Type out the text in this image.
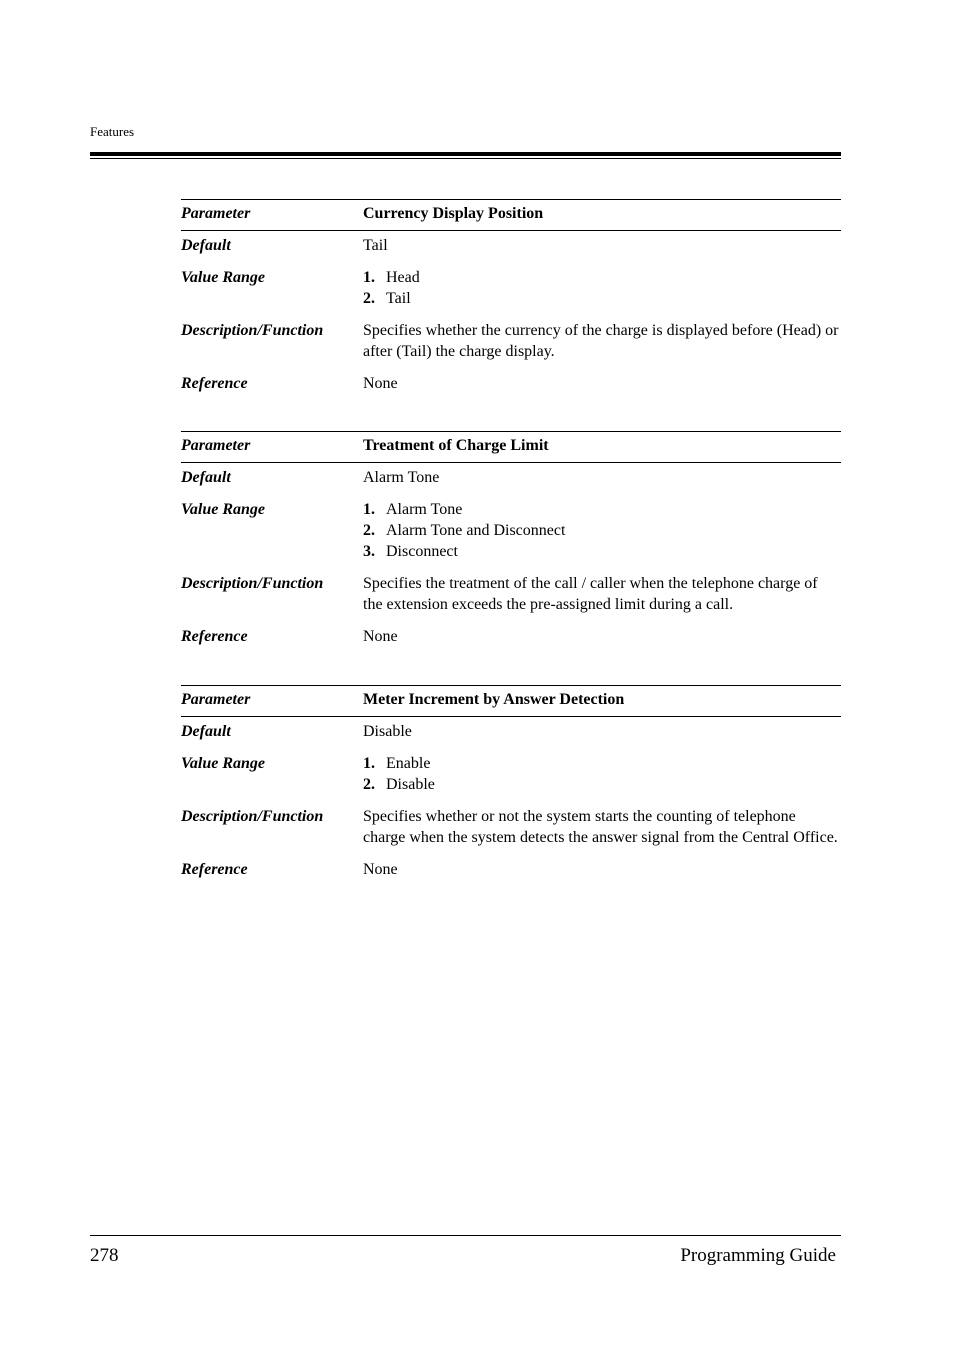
Features
Parameter	Currency Display Position
Default	Tail
Value Range	1. Head
2. Tail
Description/Function	Specifies whether the currency of the charge is displayed before (Head) or after (Tail) the charge display.
Reference	None
Parameter	Treatment of Charge Limit
Default	Alarm Tone
Value Range	1. Alarm Tone
2. Alarm Tone and Disconnect
3. Disconnect
Description/Function	Specifies the treatment of the call / caller when the telephone charge of the extension exceeds the pre-assigned limit during a call.
Reference	None
Parameter	Meter Increment by Answer Detection
Default	Disable
Value Range	1. Enable
2. Disable
Description/Function	Specifies whether or not the system starts the counting of telephone charge when the system detects the answer signal from the Central Office.
Reference	None
278	Programming Guide
